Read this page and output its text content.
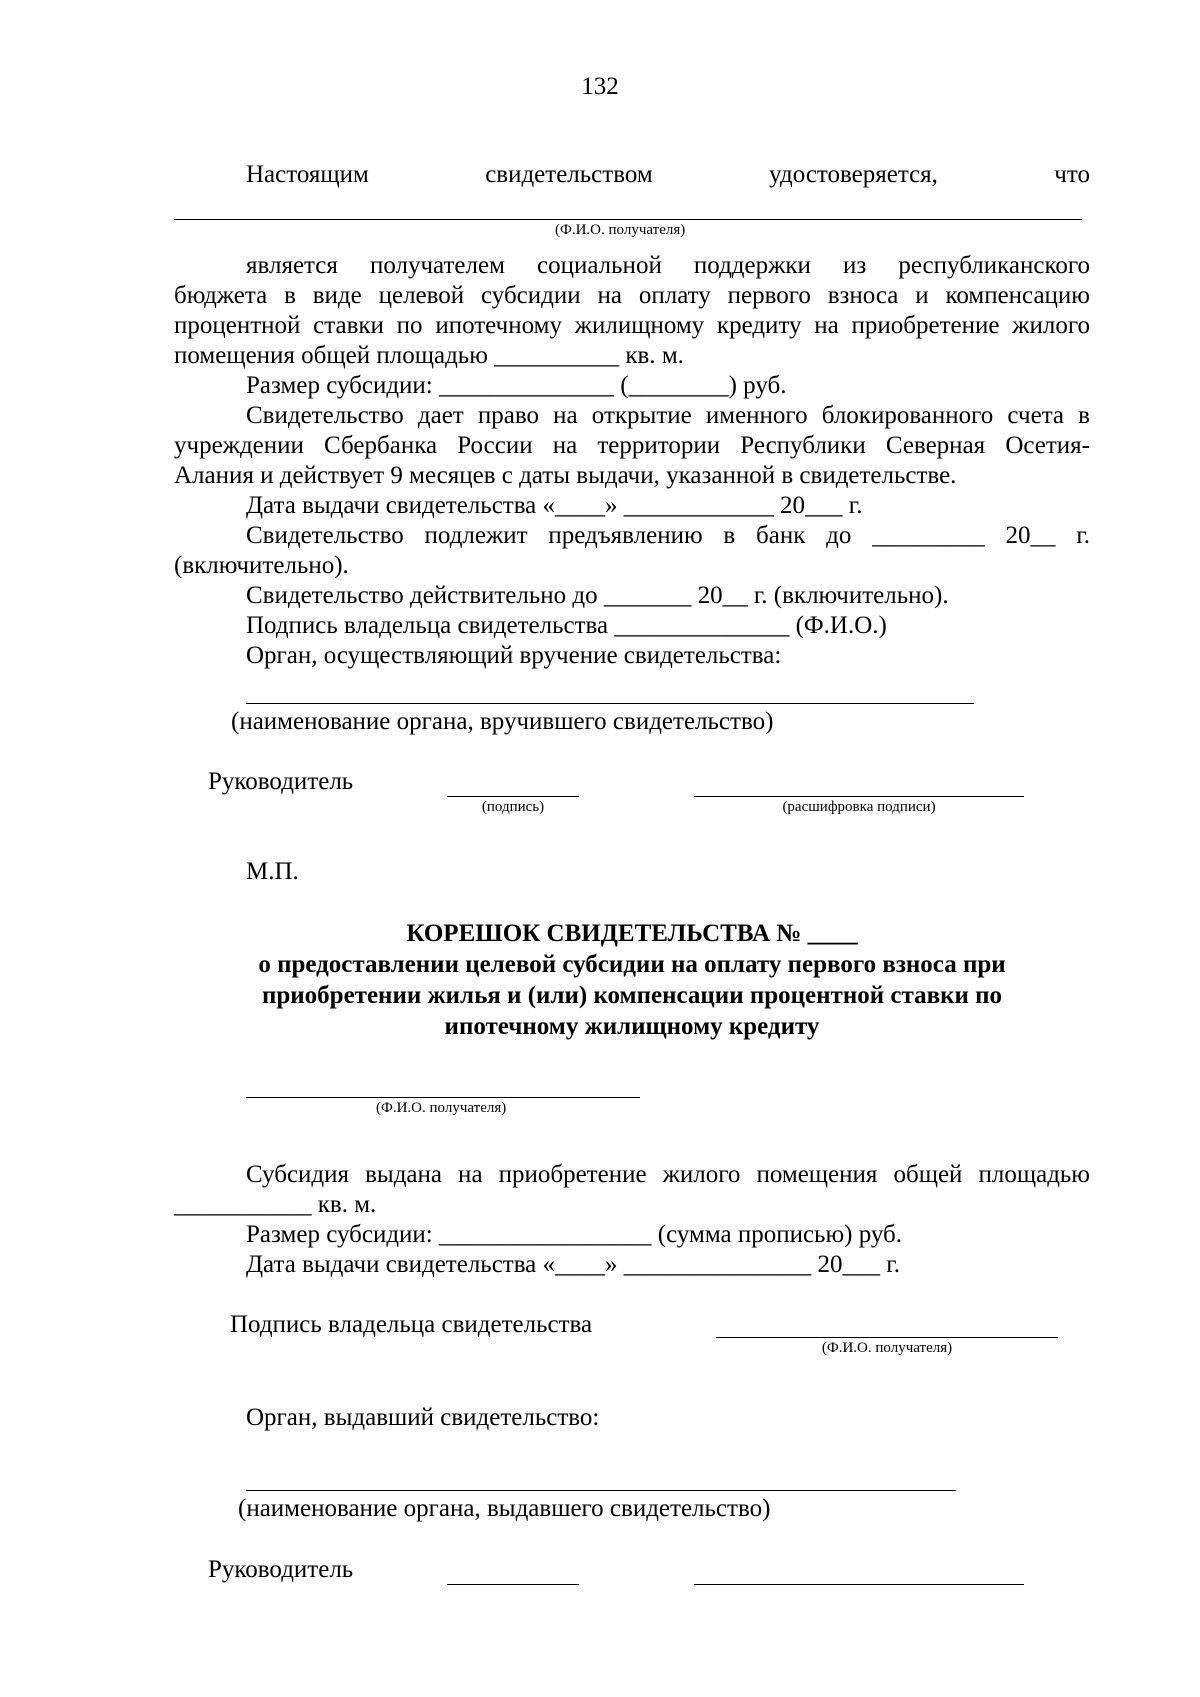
132
Настоящим	свидетельством	удостоверяется,	что
(Ф.И.О. получателя)
является получателем социальной поддержки из республиканского
бюджета в виде целевой субсидии на оплату первого взноса и компенсацию
процентной ставки по ипотечному жилищному кредиту на приобретение жилого
помещения общей площадью __________ кв. м.
Размер субсидии: ______________ (________) руб.
Свидетельство дает право на открытие именного блокированного счета в
учреждении Сбербанка России на территории Республики Северная Осетия-
Алания и действует 9 месяцев с даты выдачи, указанной в свидетельстве.
Дата выдачи свидетельства «____» ____________ 20___ г.
Свидетельство подлежит предъявлению в банк до _________ 20__ г.
(включительно).
Свидетельство действительно до _______ 20__ г. (включительно).
Подпись владельца свидетельства ______________ (Ф.И.О.)
Орган, осуществляющий вручение свидетельства:
(наименование органа, вручившего свидетельство)
Руководитель
(подпись)	(расшифровка подписи)
М.П.
КОРЕШОК СВИДЕТЕЛЬСТВА № ____
о предоставлении целевой субсидии на оплату первого взноса при
приобретении жилья и (или) компенсации процентной ставки по
ипотечному жилищному кредиту
(Ф.И.О. получателя)
Субсидия выдана на приобретение жилого помещения общей площадью
___________ кв. м.
Размер субсидии: _________________ (сумма прописью) руб.
Дата выдачи свидетельства «____» _______________ 20___ г.
Подпись владельца свидетельства
(Ф.И.О. получателя)
Орган, выдавший свидетельство:
(наименование органа, выдавшего свидетельство)
Руководитель
